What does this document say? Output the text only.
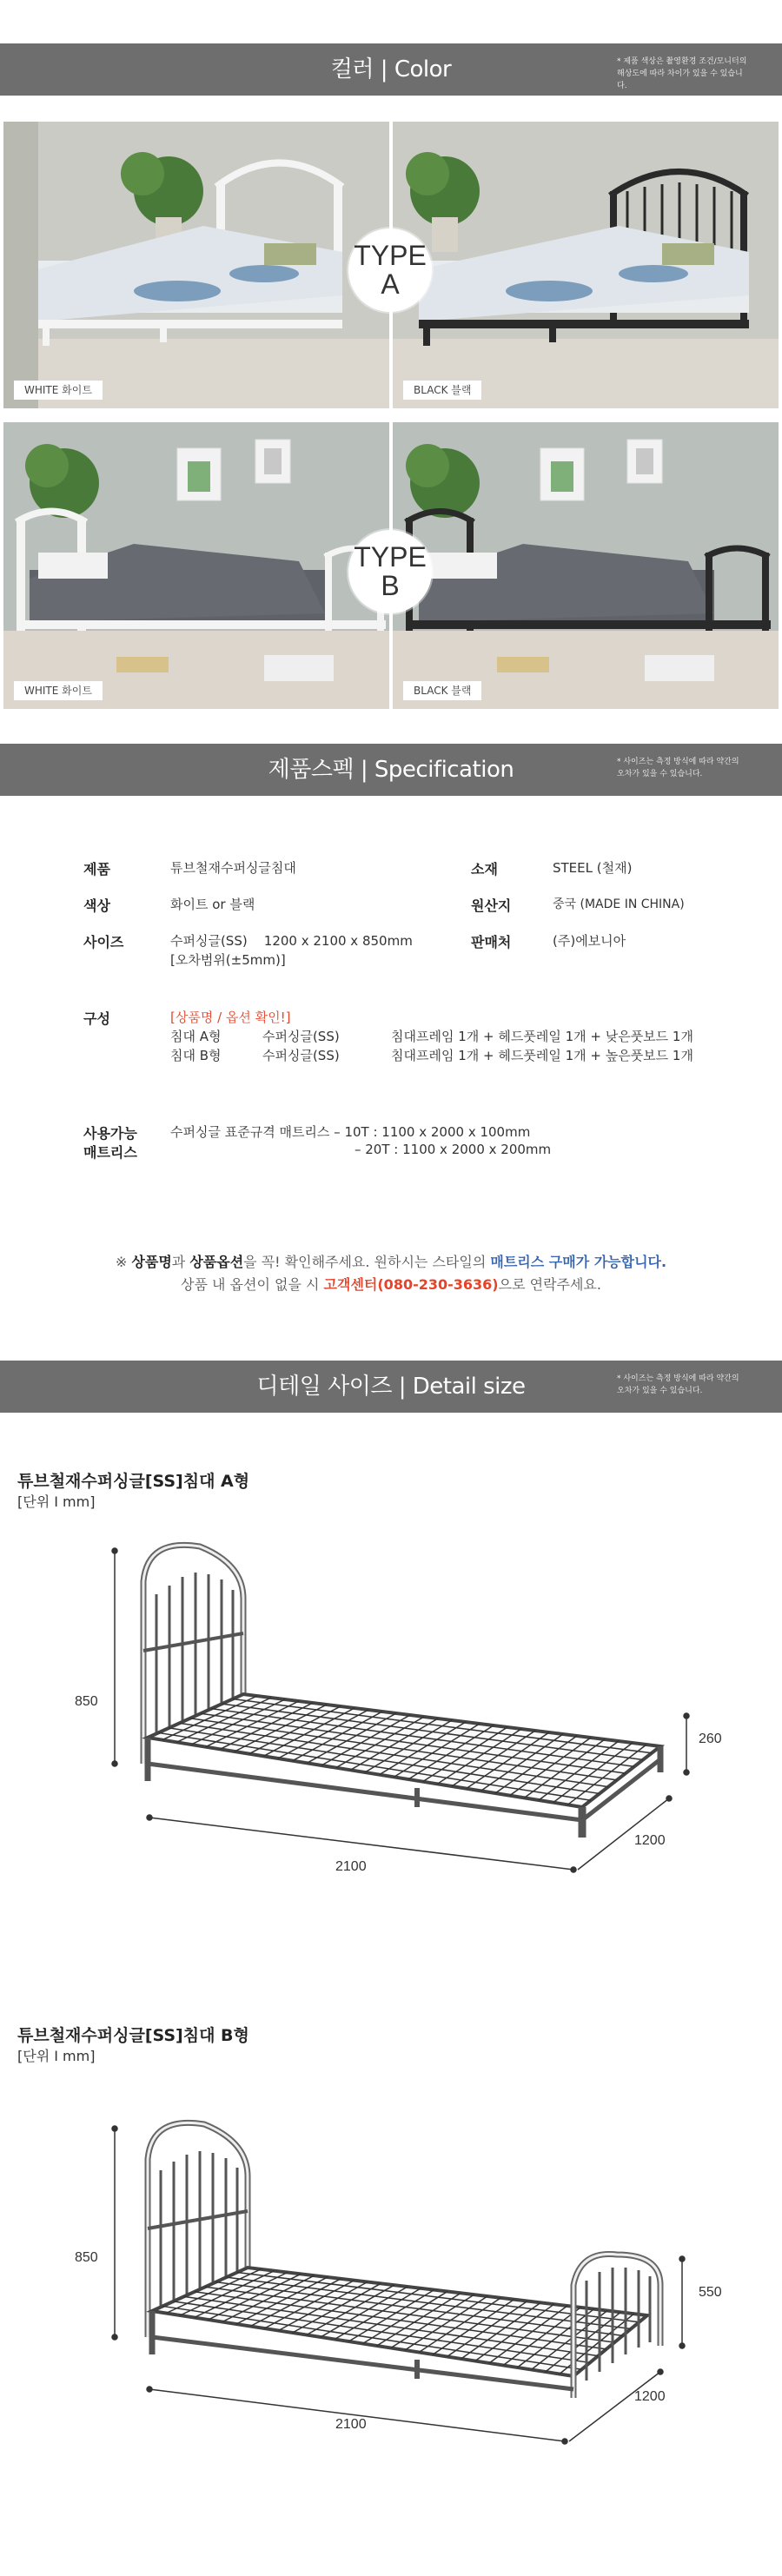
컬러 | Color	* 제품 색상은 촬영환경 조건/모니터의 해상도에 따라 차이가 있을 수 있습니다.
WHITE 화이트	BLACK 블랙
TYPE
A
WHITE 화이트	BLACK 블랙
TYPE
B
제품스펙 | Specification	* 사이즈는 측정 방식에 따라 약간의 오차가 있을 수 있습니다.
제품	튜브철재수퍼싱글침대	소재	STEEL (철재)
색상	화이트 or 블랙	원산지	중국 (MADE IN CHINA)
사이즈	수퍼싱글(SS)    1200 x 2100 x 850mm
[오차범위(±5mm)]
판매처	(주)에보니아
구성	[상품명 / 옵션 확인!]
침대 A형	수퍼싱글(SS)	침대프레임 1개 + 헤드풋레일 1개 + 낮은풋보드 1개
침대 B형	수퍼싱글(SS)	침대프레임 1개 + 헤드풋레일 1개 + 높은풋보드 1개
사용가능
매트리스
수퍼싱글 표준규격 매트리스 – 10T : 1100 x 2000 x 100mm
– 20T : 1100 x 2000 x 200mm
※ 상품명과 상품옵션을 꼭! 확인해주세요. 원하시는 스타일의 매트리스 구매가 가능합니다.
상품 내 옵션이 없을 시 고객센터(080-230-3636)으로 연락주세요.
디테일 사이즈 | Detail size	* 사이즈는 측정 방식에 따라 약간의 오차가 있을 수 있습니다.
튜브철재수퍼싱글[SS]침대 A형
[단위 I mm]
850
260
2100
1200
튜브철재수퍼싱글[SS]침대 B형
[단위 I mm]
850
550
2100
1200
